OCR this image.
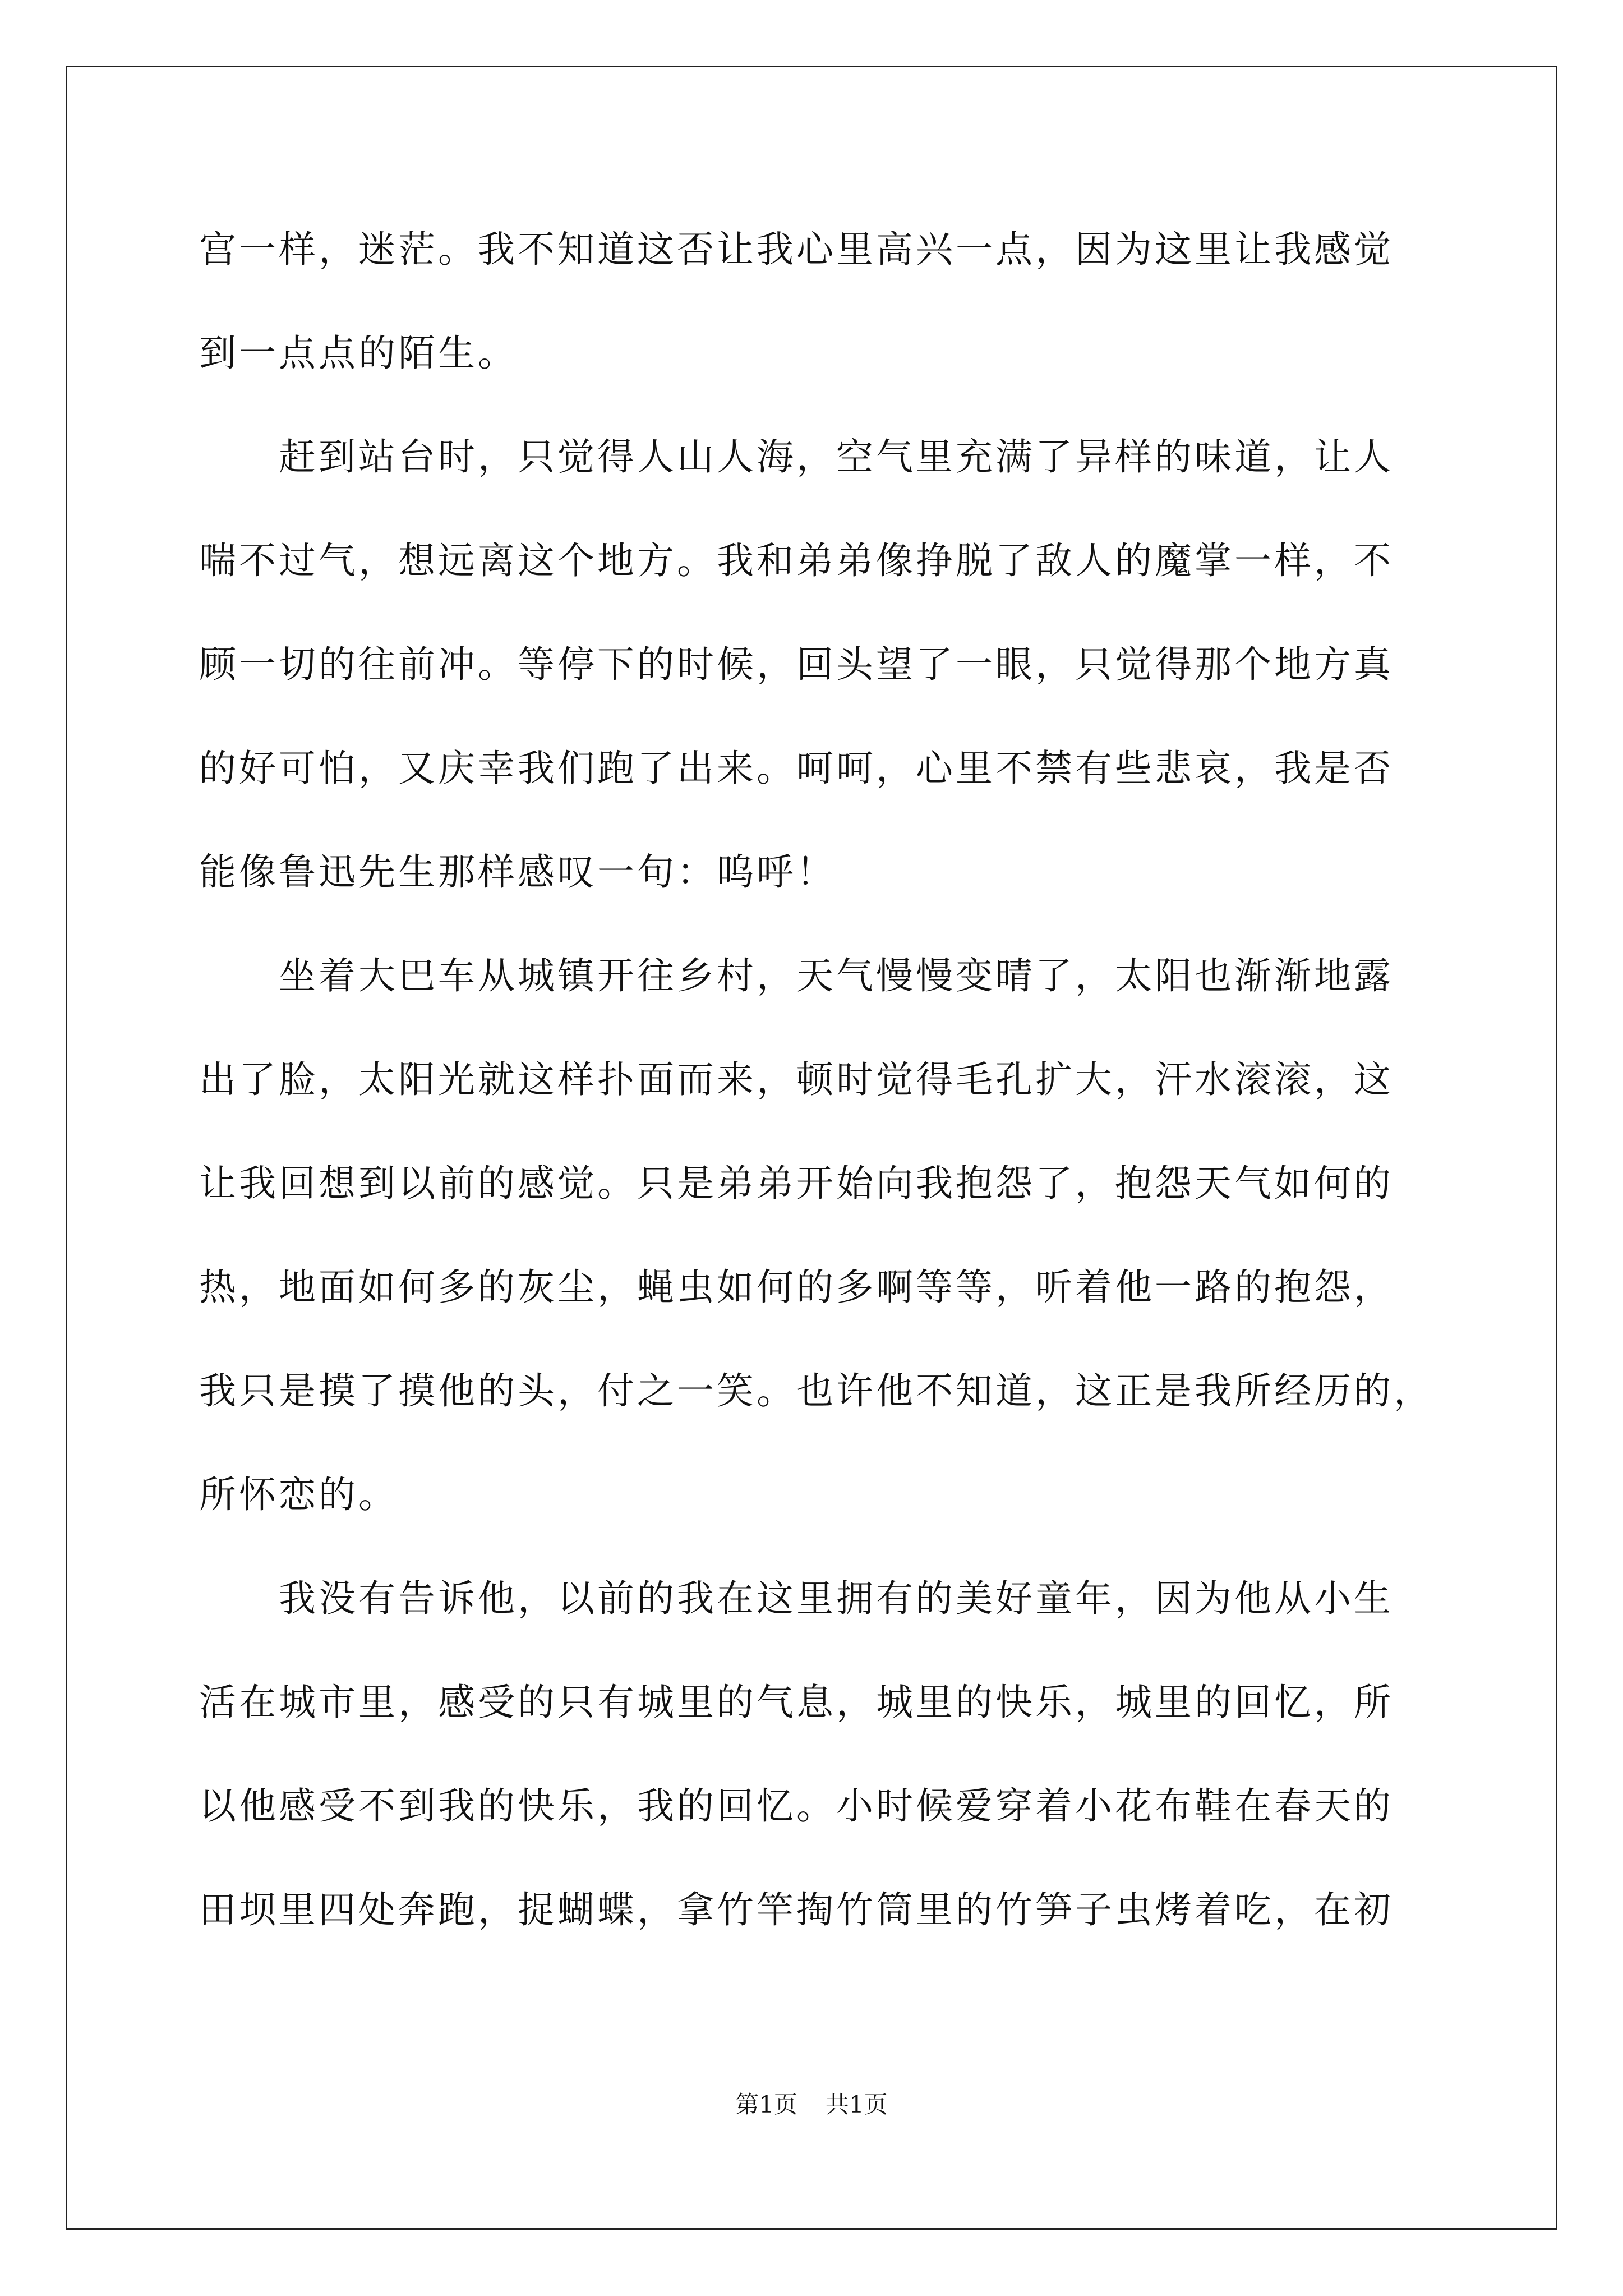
宫一样，迷茫。我不知道这否让我心里高兴一点，因为这里让我感觉
到一点点的陌生。
　　赶到站台时，只觉得人山人海，空气里充满了异样的味道，让人
喘不过气，想远离这个地方。我和弟弟像挣脱了敌人的魔掌一样，不
顾一切的往前冲。等停下的时候，回头望了一眼，只觉得那个地方真
的好可怕，又庆幸我们跑了出来。呵呵，心里不禁有些悲哀，我是否
能像鲁迅先生那样感叹一句：呜呼！
　　坐着大巴车从城镇开往乡村，天气慢慢变晴了，太阳也渐渐地露
出了脸，太阳光就这样扑面而来，顿时觉得毛孔扩大，汗水滚滚，这
让我回想到以前的感觉。只是弟弟开始向我抱怨了，抱怨天气如何的
热，地面如何多的灰尘，蝇虫如何的多啊等等，听着他一路的抱怨，
我只是摸了摸他的头，付之一笑。也许他不知道，这正是我所经历的，
所怀恋的。
　　我没有告诉他，以前的我在这里拥有的美好童年，因为他从小生
活在城市里，感受的只有城里的气息，城里的快乐，城里的回忆，所
以他感受不到我的快乐，我的回忆。小时候爱穿着小花布鞋在春天的
田坝里四处奔跑，捉蝴蝶，拿竹竿掏竹筒里的竹笋子虫烤着吃，在初
第1页 共1页
